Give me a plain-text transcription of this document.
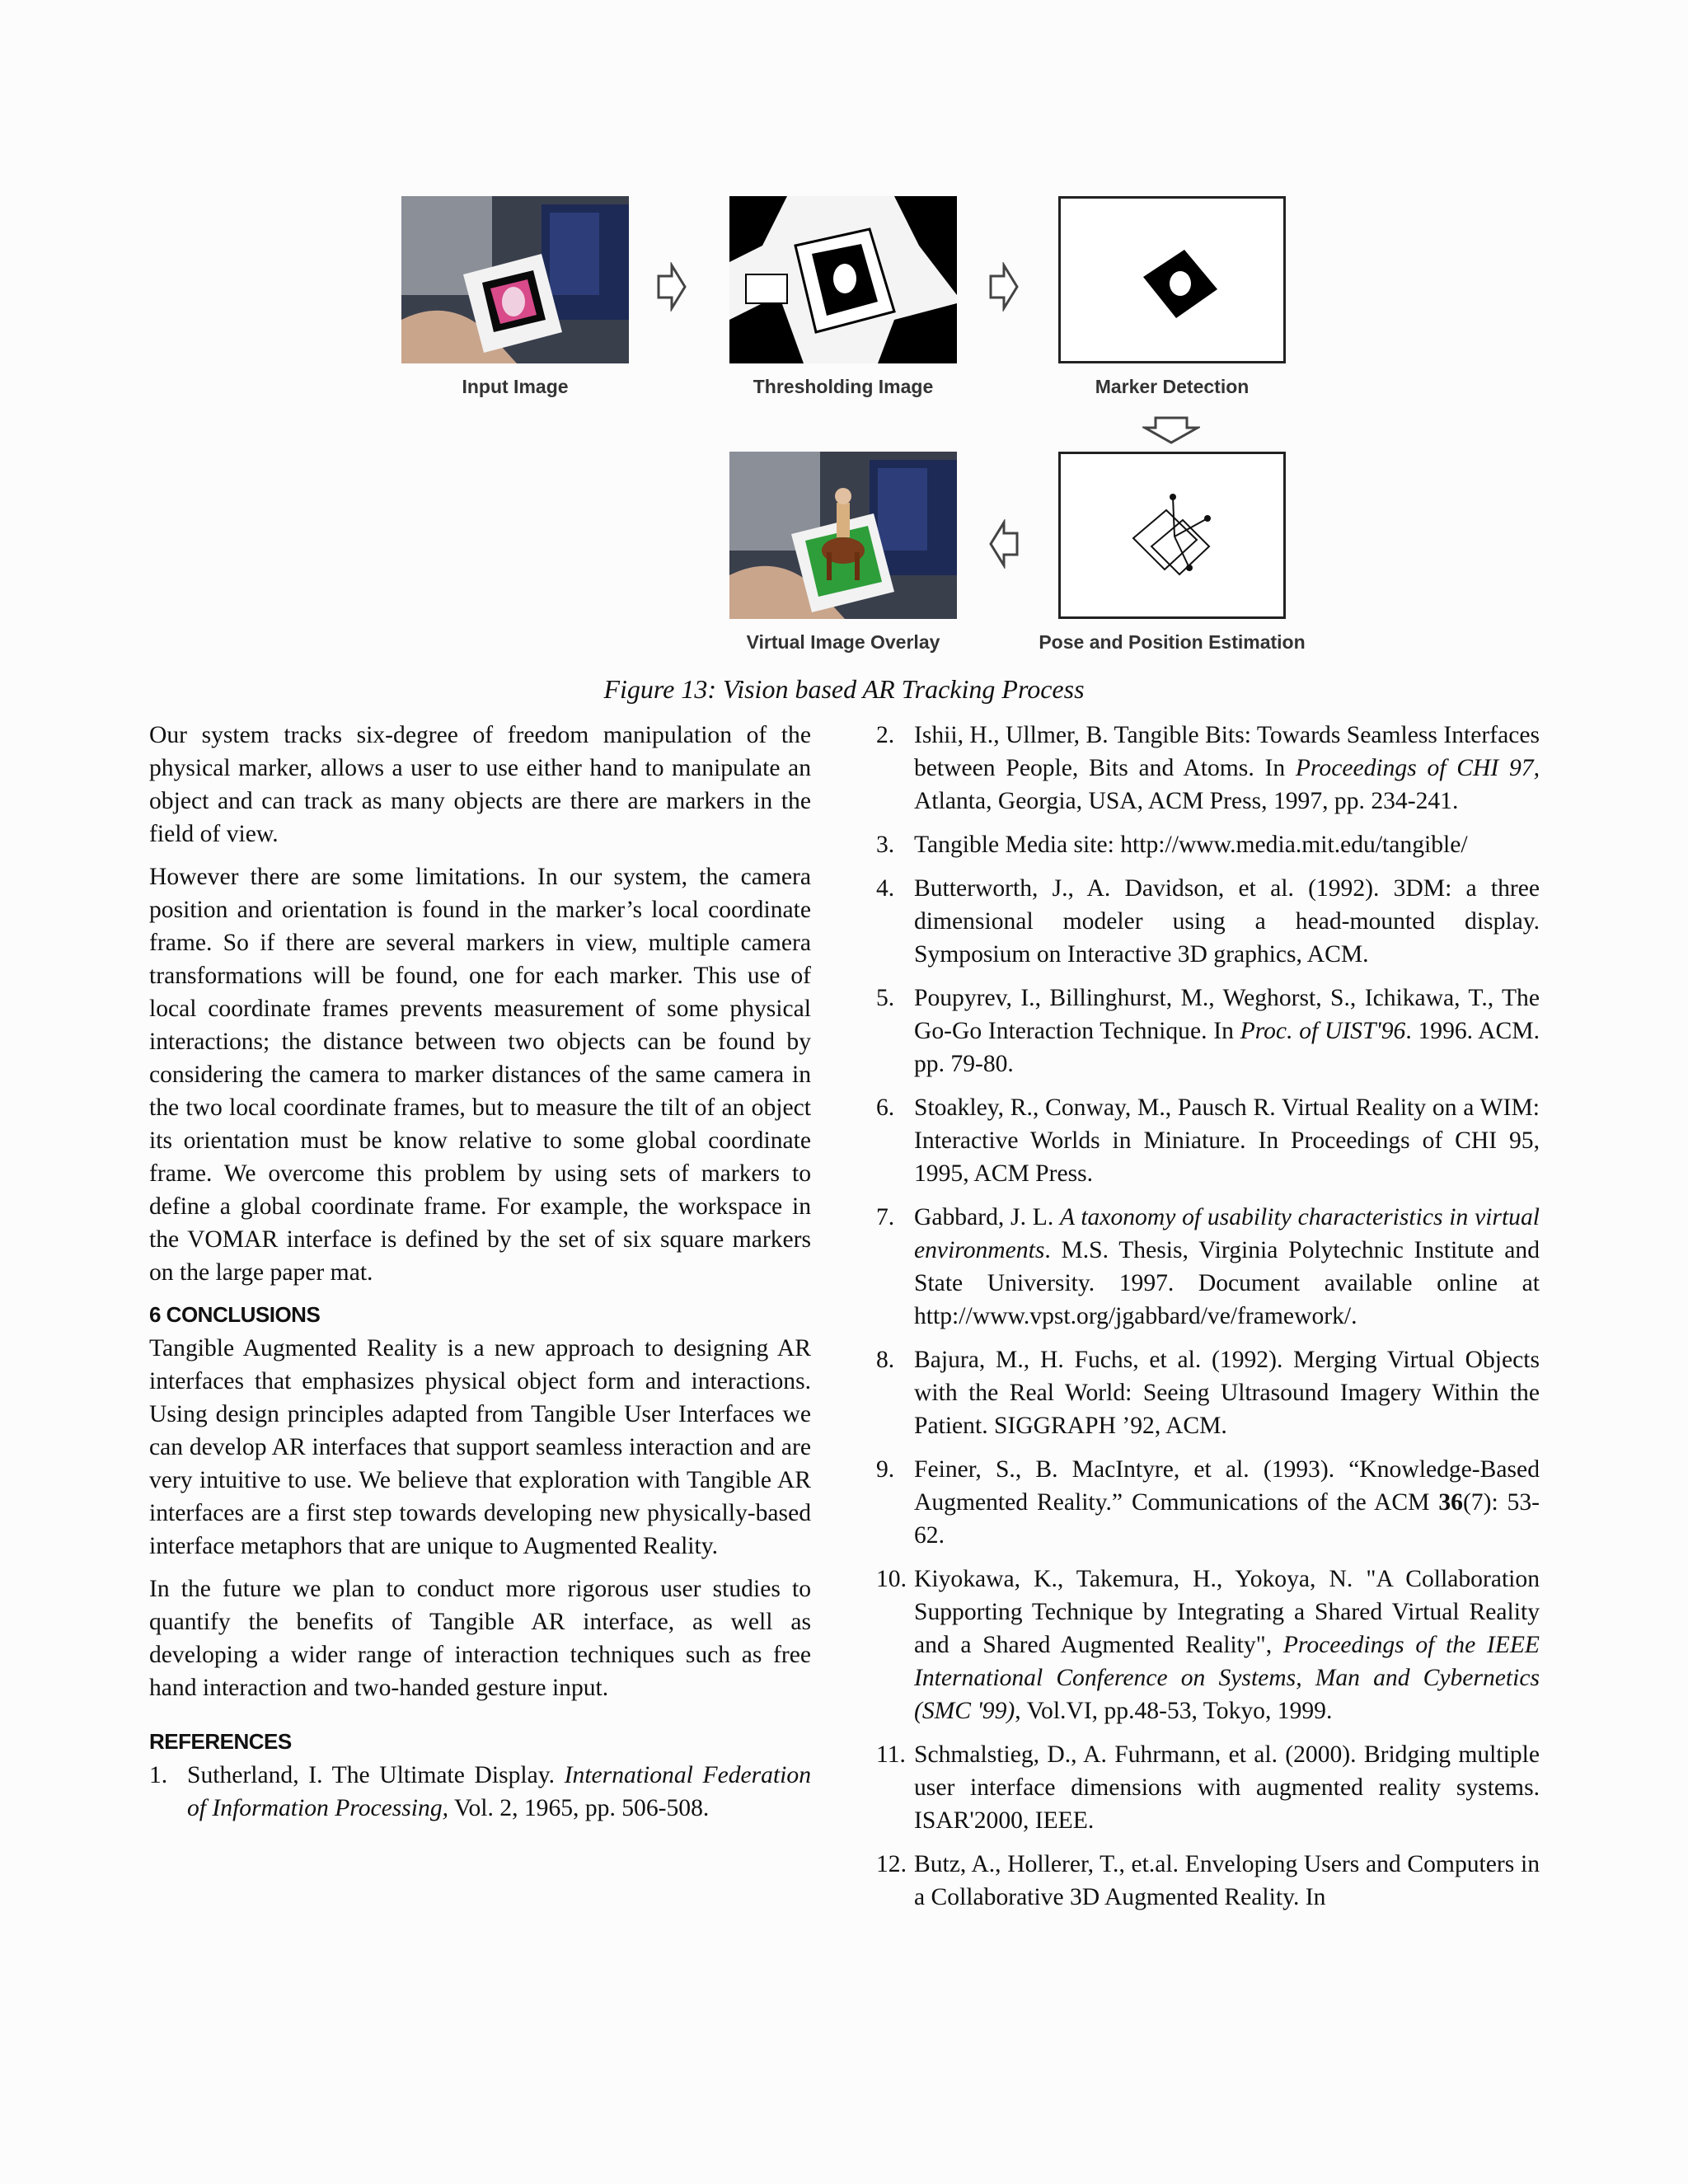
Input Image	Thresholding Image	Marker Detection
Virtual Image Overlay	Pose and Position Estimation
Figure 13: Vision based AR Tracking Process

Our system tracks six-degree of freedom manipulation of the physical marker, allows a user to use either hand to manipulate an object and can track as many objects are there are markers in the field of view.

However there are some limitations. In our system, the camera position and orientation is found in the marker’s local coordinate frame. So if there are several markers in view, multiple camera transformations will be found, one for each marker. This use of local coordinate frames prevents measurement of some physical interactions; the distance between two objects can be found by considering the camera to marker distances of the same camera in the two local coordinate frames, but to measure the tilt of an object its orientation must be know relative to some global coordinate frame. We overcome this problem by using sets of markers to define a global coordinate frame. For example, the workspace in the VOMAR interface is defined by the set of six square markers on the large paper mat.

6 CONCLUSIONS

Tangible Augmented Reality is a new approach to designing AR interfaces that emphasizes physical object form and interactions. Using design principles adapted from Tangible User Interfaces we can develop AR interfaces that support seamless interaction and are very intuitive to use. We believe that exploration with Tangible AR interfaces are a first step towards developing new physically-based interface metaphors that are unique to Augmented Reality.

In the future we plan to conduct more rigorous user studies to quantify the benefits of Tangible AR interface, as well as developing a wider range of interaction techniques such as free hand interaction and two-handed gesture input.

REFERENCES
1. Sutherland, I. The Ultimate Display. International Federation of Information Processing, Vol. 2, 1965, pp. 506-508.
2. Ishii, H., Ullmer, B. Tangible Bits: Towards Seamless Interfaces between People, Bits and Atoms. In Proceedings of CHI 97, Atlanta, Georgia, USA, ACM Press, 1997, pp. 234-241.
3. Tangible Media site: http://www.media.mit.edu/tangible/
4. Butterworth, J., A. Davidson, et al. (1992). 3DM: a three dimensional modeler using a head-mounted display. Symposium on Interactive 3D graphics, ACM.
5. Poupyrev, I., Billinghurst, M., Weghorst, S., Ichikawa, T., The Go-Go Interaction Technique. In Proc. of UIST'96. 1996. ACM. pp. 79-80.
6. Stoakley, R., Conway, M., Pausch R. Virtual Reality on a WIM: Interactive Worlds in Miniature. In Proceedings of CHI 95, 1995, ACM Press.
7. Gabbard, J. L. A taxonomy of usability characteristics in virtual environments. M.S. Thesis, Virginia Polytechnic Institute and State University. 1997. Document available online at http://www.vpst.org/jgabbard/ve/framework/.
8. Bajura, M., H. Fuchs, et al. (1992). Merging Virtual Objects with the Real World: Seeing Ultrasound Imagery Within the Patient. SIGGRAPH ’92, ACM.
9. Feiner, S., B. MacIntyre, et al. (1993). “Knowledge-Based Augmented Reality.” Communications of the ACM 36(7): 53-62.
10. Kiyokawa, K., Takemura, H., Yokoya, N. "A Collaboration Supporting Technique by Integrating a Shared Virtual Reality and a Shared Augmented Reality", Proceedings of the IEEE International Conference on Systems, Man and Cybernetics (SMC '99), Vol.VI, pp.48-53, Tokyo, 1999.
11. Schmalstieg, D., A. Fuhrmann, et al. (2000). Bridging multiple user interface dimensions with augmented reality systems. ISAR'2000, IEEE.
12. Butz, A., Hollerer, T., et.al. Enveloping Users and Computers in a Collaborative 3D Augmented Reality. In
